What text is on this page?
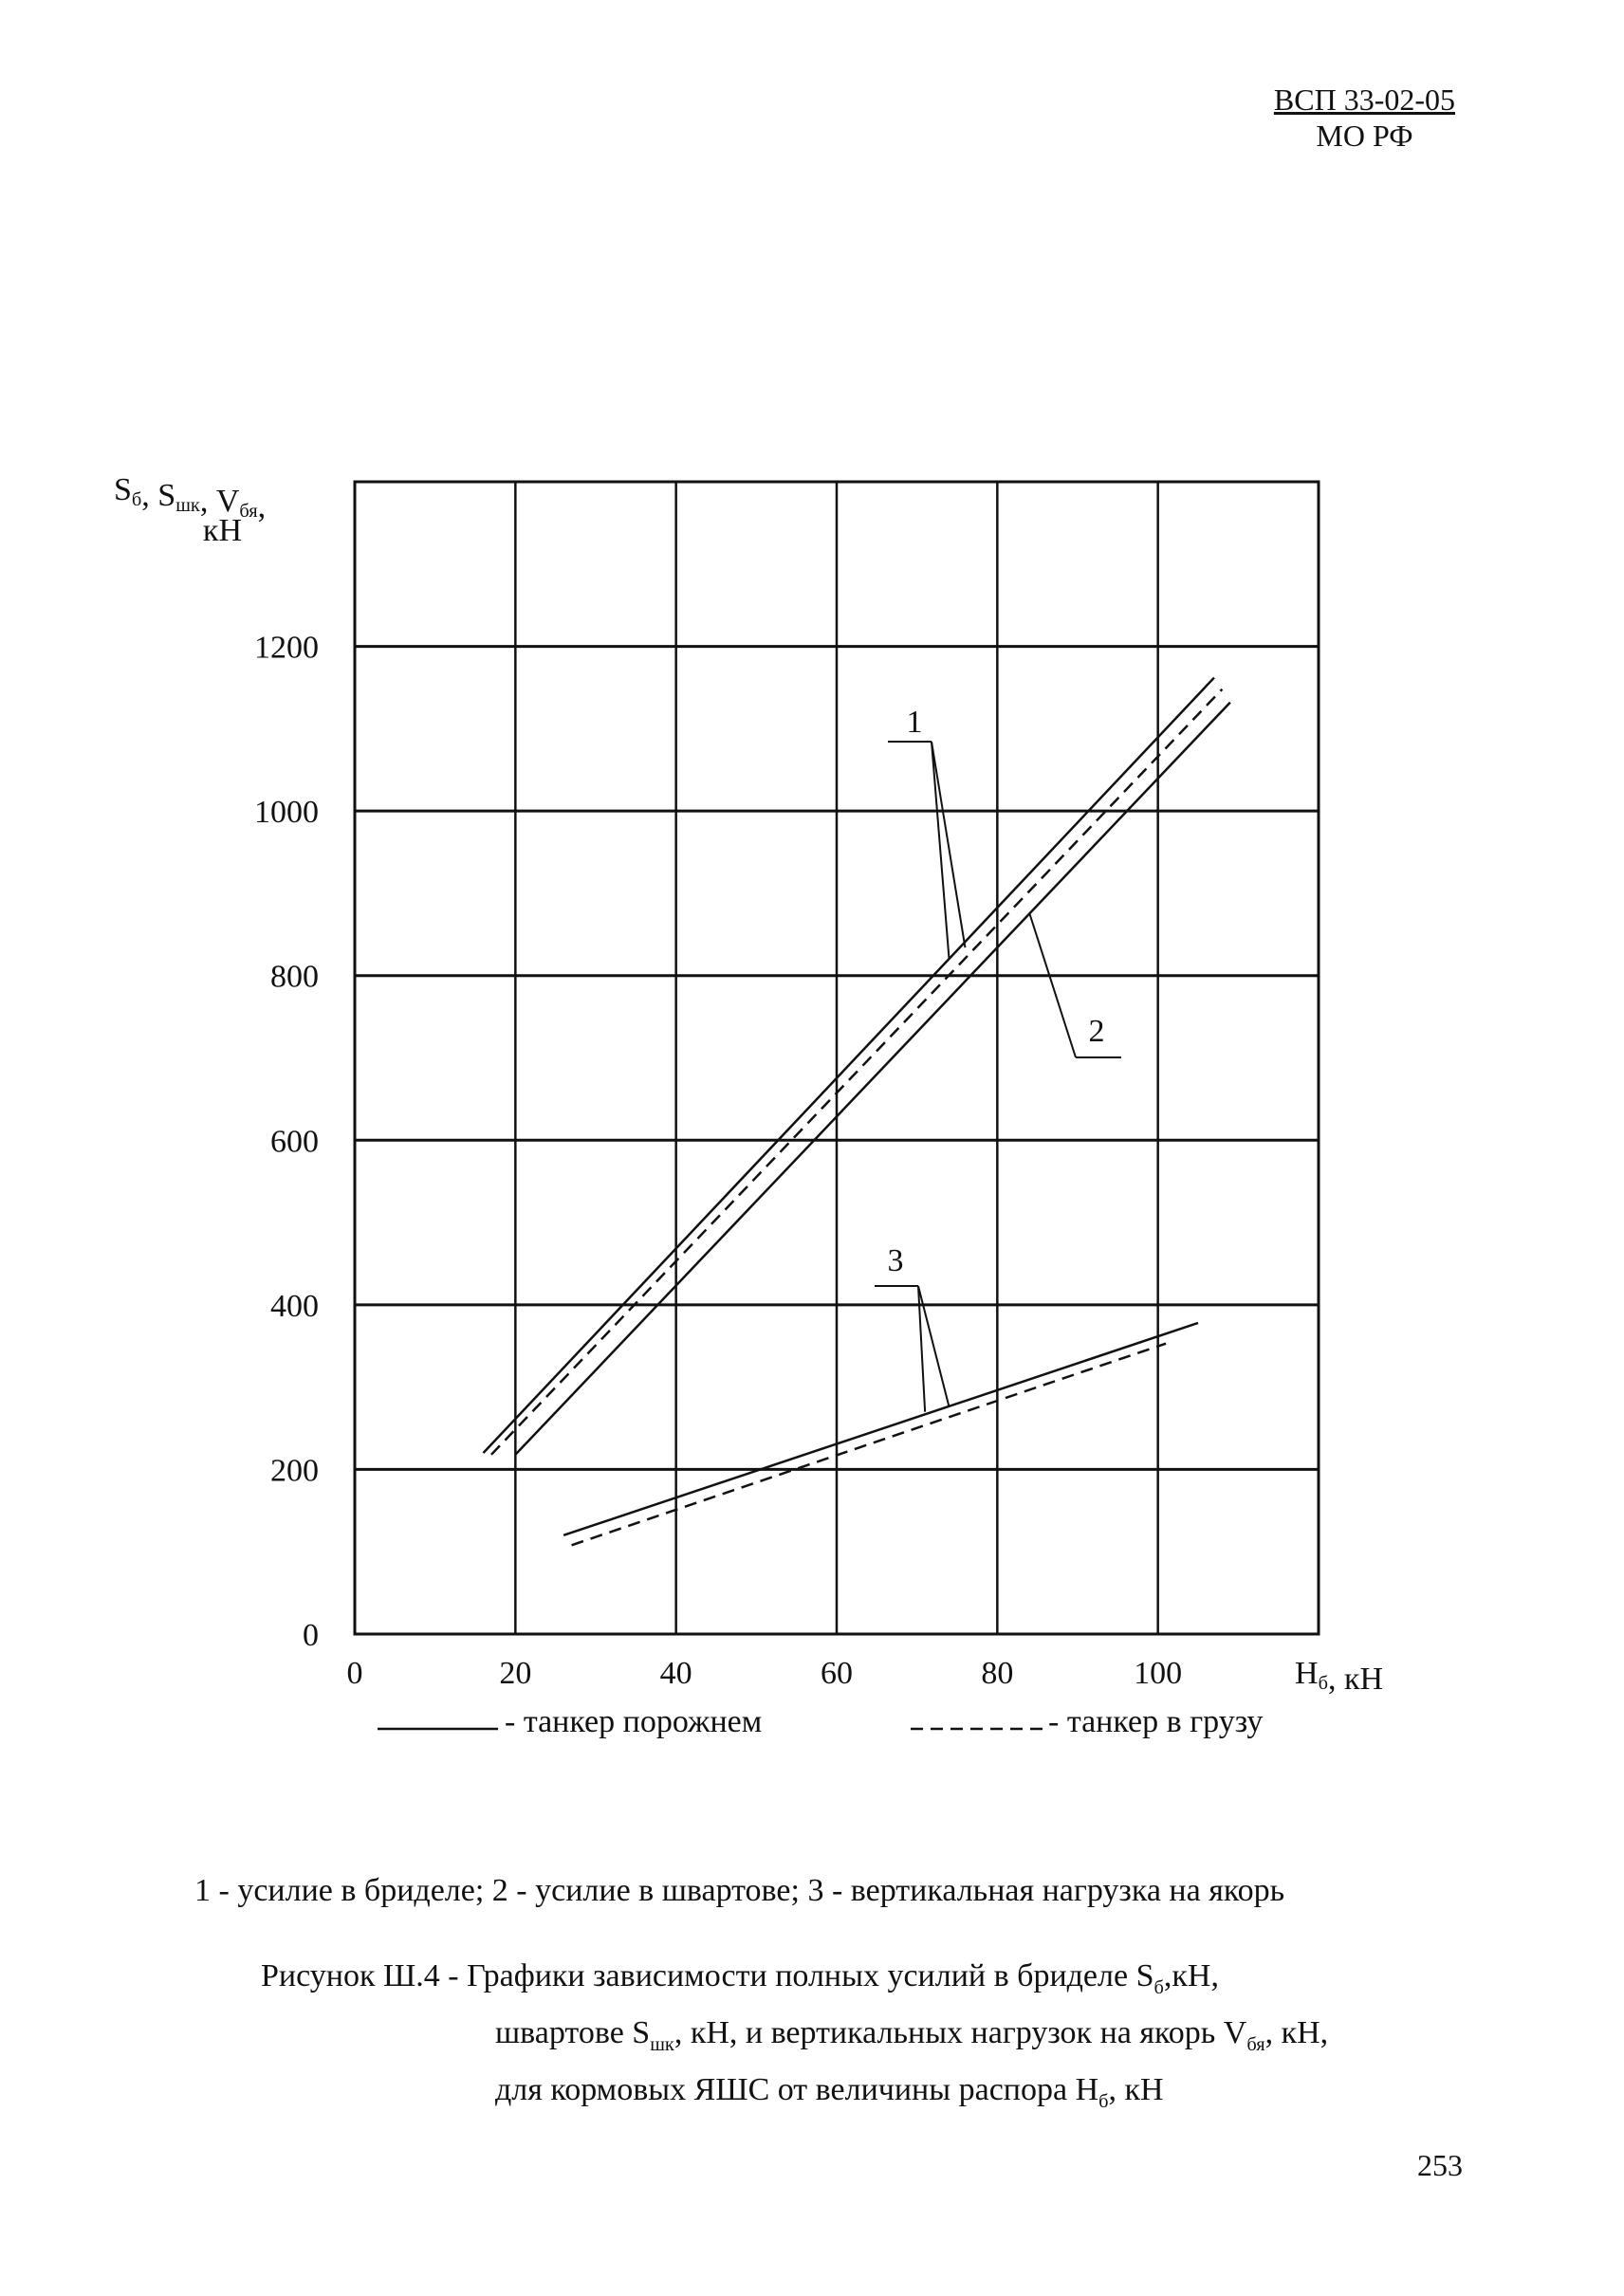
ВСП 33-02-05
МО РФ
1
2
3
0	20	40	60	80	100
0
200
400
600
800
1000
1200
Sб, Sшк, Vбя,
кН
Нб, кН
- танкер порожнем	- танкер в грузу
1 - усилие в бриделе; 2 - усилие в швартове; 3 - вертикальная нагрузка на якорь
Рисунок Ш.4 - Графики зависимости полных усилий в бриделе $S_б,кН$,
швартове $S_{шк}$, кН, и вертикальных нагрузок на якорь $V_{бя}$, кН,
для кормовых ЯШС от величины распора $Н_б$, кН
253
